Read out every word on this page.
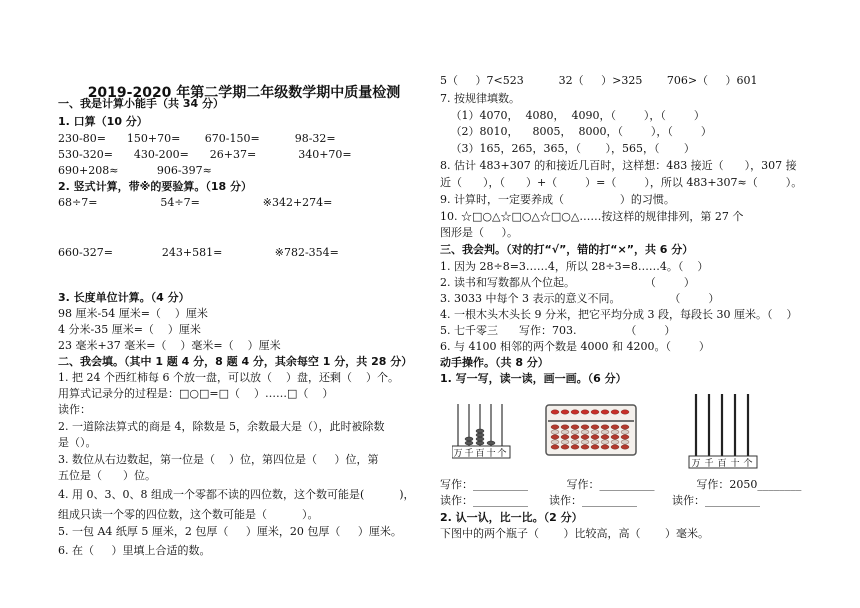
2019-2020 年第二学期二年级数学期中质量检测
一、我是计算小能手（共 34 分）
1. 口算（10 分）
230-80=      150+70=       670-150=          98-32=
530-320=      430-200=      26+37=            340+70=
690+208≈           906-397≈
2. 竖式计算，带※的要验算。（18 分）
68÷7=                  54÷7=                  ※342+274=
660-327=              243+581=               ※782-354=
3. 长度单位计算。（4 分）
98 厘米-54 厘米=（    ）厘米
4 分米-35 厘米=（    ）厘米
23 毫米+37 毫米=（    ）毫米=（    ）厘米
二、我会填。（其中 1 题 4 分，8 题 4 分，其余每空 1 分，共 28 分）
1. 把 24 个西红柿每 6 个放一盘，可以放（    ）盘，还剩（    ）个。
用算式记录分的过程是：□○□=□（    ）……□（    ）
读作：
2. 一道除法算式的商是 4，除数是 5，余数最大是（），此时被除数
是（）。
3. 数位从右边数起，第一位是（    ）位，第四位是（     ）位，第
五位是（      ）位。
4. 用 0、3、0、8 组成一个零都不读的四位数，这个数可能是(          )，
组成只读一个零的四位数，这个数可能是（          ）。
5. 一包 A4 纸厚 5 厘米，2 包厚（     ）厘米，20 包厚（     ）厘米。
6. 在（     ）里填上合适的数。
5（     ）7<523          32（     ）>325       706>（     ）601
7. 按规律填数。
（1）4070，  4080，  4090，（        ），（        ）
（2）8010，    8005，  8000，（        ），（        ）
（3）165，265，365，（       ），565，（       ）
8. 估计 483+307 的和接近几百时，这样想：483 接近（      ），307 接
近（      ），（      ）+（        ）=（        ），所以 483+307≈（        ）。
9. 计算时，一定要养成（                ）的习惯。
10. ☆□○△☆□○△☆□○△……按这样的规律排列，第 27 个
图形是（     ）。
三、我会判。（对的打“√”，错的打“×”，共 6 分）
1. 因为 28÷8=3……4，所以 28÷3=8……4。（    ）
2. 读书和写数都从个位起。                    （        ）
3. 3033 中每个 3 表示的意义不同。              （        ）
4. 一根木头木头长 9 分米，把它平均分成 3 段，每段长 30 厘米。（    ）
5. 七千零三      写作：703.              （        ）
6. 与 4100 相邻的两个数是 4000 和 4200。（        ）
动手操作。（共 8 分）
1. 写一写，读一读，画一画。（6 分）
写作：__________           写作：__________            写作：2050________
读作：__________      读作：__________          读作：__________
2. 认一认，比一比。（2 分）
下图中的两个瓶子（       ）比较高，高（       ）毫米。
万 千 百 十 个
万 千 百 十 个
